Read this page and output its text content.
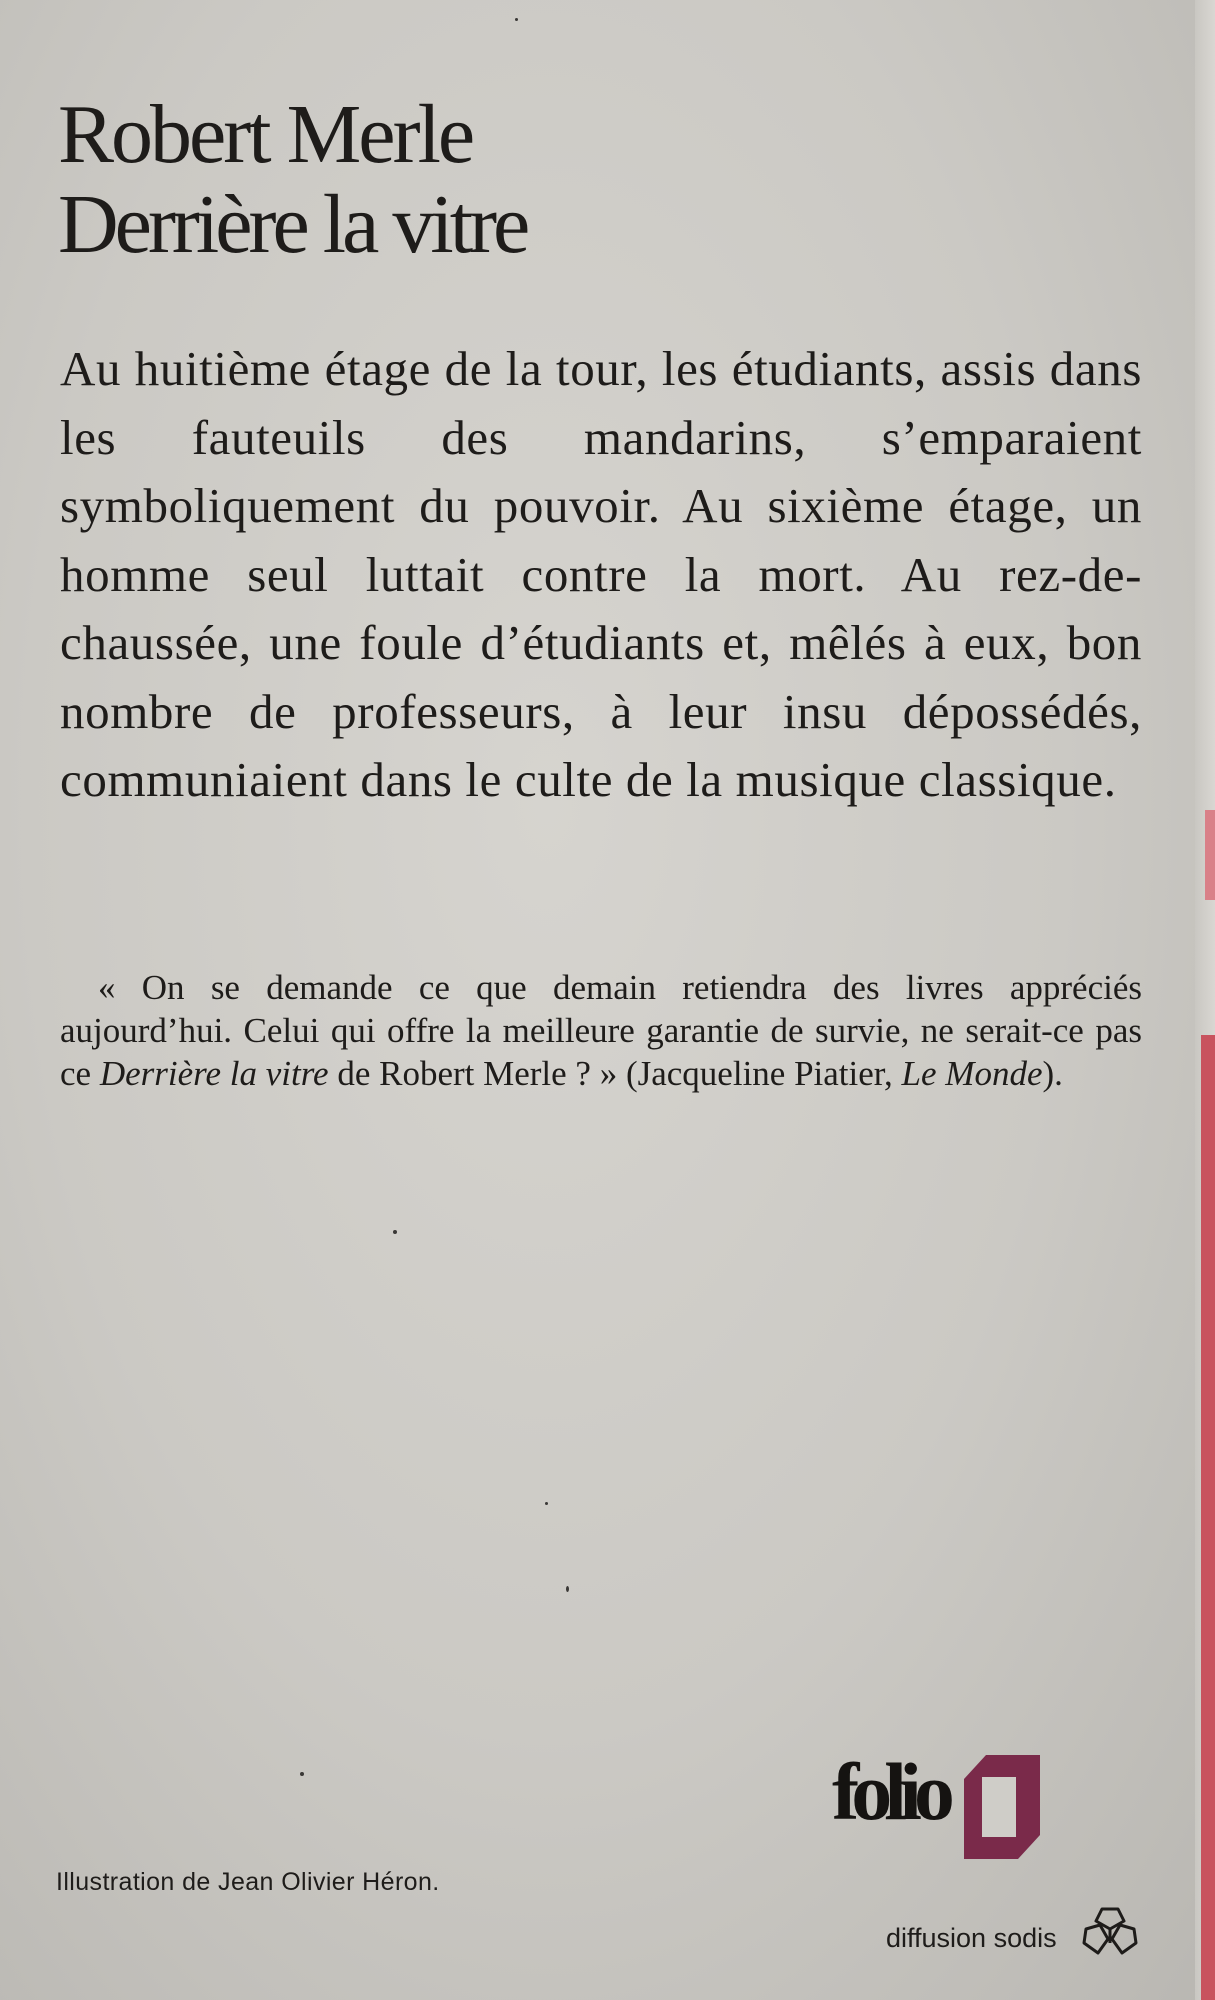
Robert Merle
Derrière la vitre

Au huitième étage de la tour, les étudiants, assis dans les fauteuils des mandarins, s’emparaient symboliquement du pouvoir. Au sixième étage, un homme seul luttait contre la mort. Au rez-de-chaussée, une foule d’étudiants et, mêlés à eux, bon nombre de professeurs, à leur insu dépossédés, communiaient dans le culte de la musique classique.

« On se demande ce que demain retiendra des livres appréciés aujourd’hui. Celui qui offre la meilleure garantie de survie, ne serait-ce pas ce Derrière la vitre de Robert Merle ? » (Jacqueline Piatier, Le Monde).

Illustration de Jean Olivier Héron.
folio
diffusion sodis
